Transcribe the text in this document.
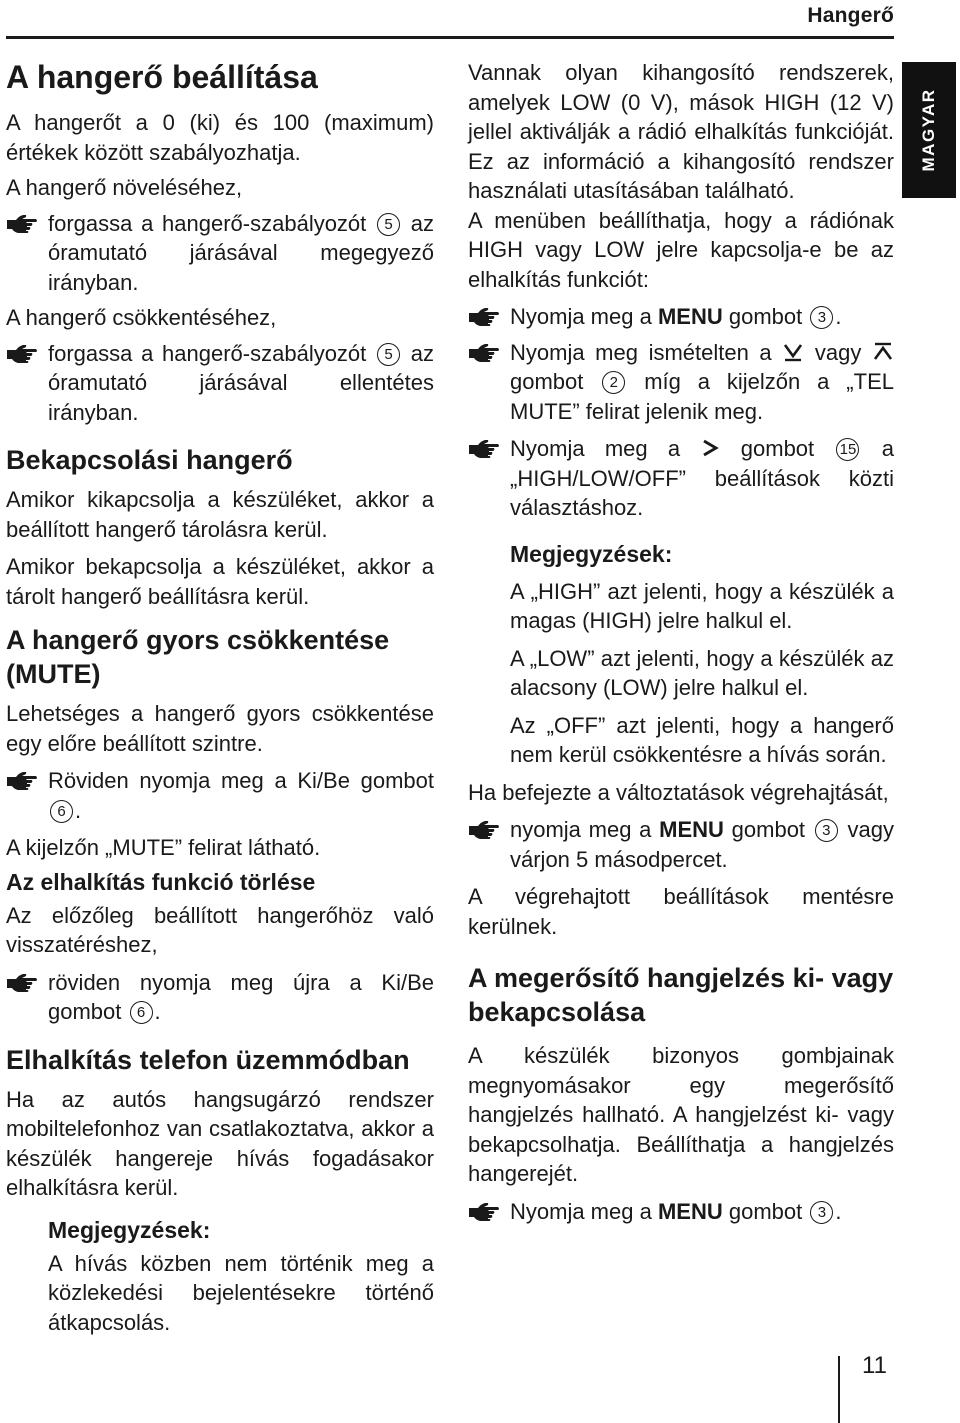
Hangerő
MAGYAR
A hangerő beállítása

A hangerőt a 0 (ki) és 100 (maximum) értékek között szabályozhatja.

A hangerő növeléséhez,

forgassa a hangerő-szabályozót 5 az óramutató járásával megegyező irányban.

A hangerő csökkentéséhez,

forgassa a hangerő-szabályozót 5 az óramutató járásával ellentétes irányban.

Bekapcsolási hangerő

Amikor kikapcsolja a készüléket, akkor a beállított hangerő tárolásra kerül.

Amikor bekapcsolja a készüléket, akkor a tárolt hangerő beállításra kerül.

A hangerő gyors csökkentése (MUTE)

Lehetséges a hangerő gyors csökkentése egy előre beállított szintre.

Röviden nyomja meg a Ki/Be gombot 6 .

A kijelzőn „MUTE” felirat látható.

Az elhalkítás funkció törlése

Az előzőleg beállított hangerőhöz való visszatéréshez,

röviden nyomja meg újra a Ki/Be gombot 6 .

Elhalkítás telefon üzemmódban

Ha az autós hangsugárzó rendszer mobiltelefonhoz van csatlakoztatva, akkor a készülék hangereje hívás fogadásakor elhalkításra kerül.

Megjegyzések:

A hívás közben nem történik meg a közlekedési bejelentésekre történő átkapcsolás.

Vannak olyan kihangosító rendszerek, amelyek LOW (0 V), mások HIGH (12 V) jellel aktiválják a rádió elhalkítás funkcióját. Ez az információ a kihangosító rendszer használati utasításában található.

A menüben beállíthatja, hogy a rádiónak HIGH vagy LOW jelre kapcsolja-e be az elhalkítás funkciót:

Nyomja meg a MENU gombot 3 .

Nyomja meg ismételten a vagy  gombot 2 míg a kijelzőn a „TEL MUTE” felirat jelenik meg.

Nyomja meg a	gombot 15 a „HIGH/LOW/OFF” beállítások közti választáshoz.

Megjegyzések:

A „HIGH” azt jelenti, hogy a készülék a magas (HIGH) jelre halkul el.

A „LOW” azt jelenti, hogy a készülék az alacsony (LOW) jelre halkul el.

Az „OFF” azt jelenti, hogy a hangerő nem kerül csökkentésre a hívás során.

Ha befejezte a változtatások végrehajtását,

nyomja meg a MENU gombot 3 vagy várjon 5 másodpercet.

A végrehajtott beállítások mentésre kerülnek.

A megerősítő hangjelzés ki- vagy bekapcsolása

A készülék bizonyos gombjainak megnyomásakor egy megerősítő hangjelzés hallható. A hangjelzést ki- vagy bekapcsolhatja. Beállíthatja a hangjelzés hangerejét.

Nyomja meg a MENU gombot 3 .

11
